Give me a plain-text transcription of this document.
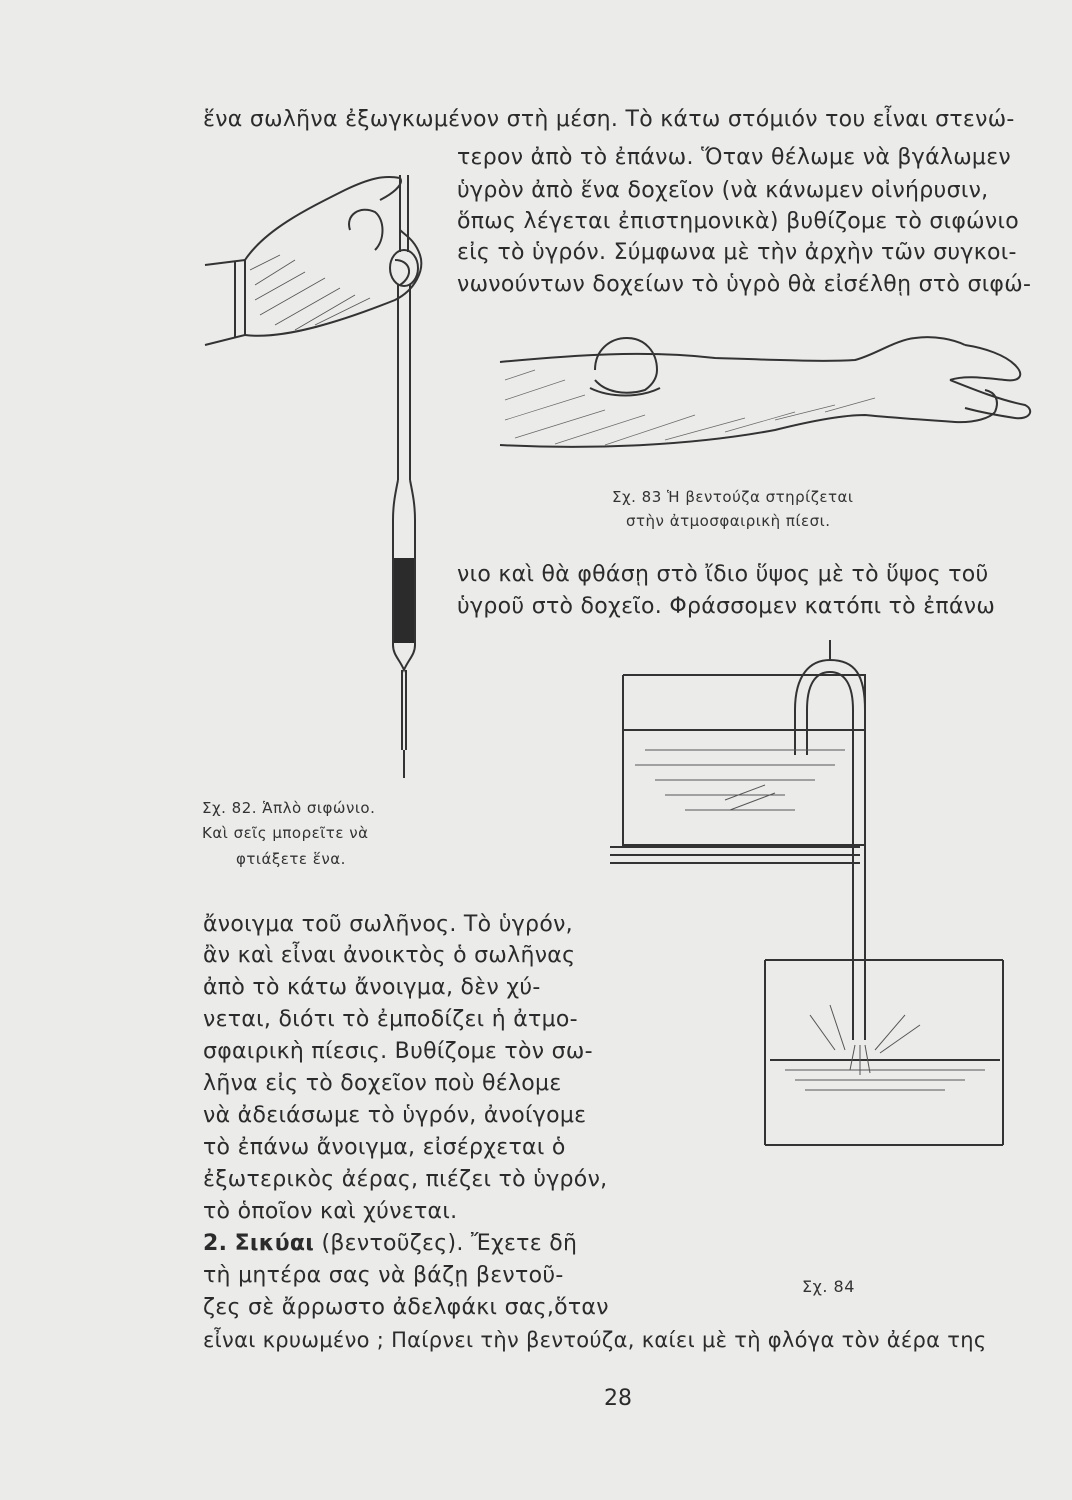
ἕνα σωλῆνα ἐξωγκωμένον στὴ μέση. Τὸ κάτω στόμιόν του εἶναι στενώ-
τερον ἀπὸ τὸ ἐπάνω. Ὅταν θέλωμε νὰ βγάλωμεν
ὑγρὸν ἀπὸ ἕνα δοχεῖον (νὰ κάνωμεν οἰνήρυσιν,
ὅπως λέγεται ἐπιστημονικὰ) βυθίζομε τὸ σιφώνιο
εἰς τὸ ὑγρόν. Σύμφωνα μὲ τὴν ἀρχὴν τῶν συγκοι-
νωνούντων δοχείων τὸ ὑγρὸ θὰ εἰσέλθῃ στὸ σιφώ-
Σχ. 83 Ἡ βεντούζα στηρίζεται
στὴν ἀτμοσφαιρικὴ πίεσι.
νιο καὶ θὰ φθάσῃ στὸ ἴδιο ὕψος μὲ τὸ ὕψος τοῦ
ὑγροῦ στὸ δοχεῖο. Φράσσομεν κατόπι τὸ ἐπάνω
Σχ. 82. Ἁπλὸ σιφώνιο.
Καὶ σεῖς μπορεῖτε νὰ
φτιάξετε ἕνα.
ἄνοιγμα τοῦ σωλῆνος. Τὸ ὑγρόν,
ἂν καὶ εἶναι ἀνοικτὸς ὁ σωλῆνας
ἀπὸ τὸ κάτω ἄνοιγμα, δὲν χύ-
νεται, διότι τὸ ἐμποδίζει ἡ ἀτμο-
σφαιρικὴ πίεσις. Βυθίζομε τὸν σω-
λῆνα εἰς τὸ δοχεῖον ποὺ θέλομε
νὰ ἀδειάσωμε τὸ ὑγρόν, ἀνοίγομε
τὸ ἐπάνω ἄνοιγμα, εἰσέρχεται ὁ
ἐξωτερικὸς ἀέρας, πιέζει τὸ ὑγρόν,
τὸ ὁποῖον καὶ χύνεται.
2. Σικύαι (βεντοῦζες). Ἔχετε δῆ
τὴ μητέρα σας νὰ βάζῃ βεντοῦ-
ζες σὲ ἄρρωστο ἀδελφάκι σας,ὅταν
Σχ. 84
εἶναι κρυωμένο ; Παίρνει τὴν βεντούζα, καίει μὲ τὴ φλόγα τὸν ἀέρα της
28
